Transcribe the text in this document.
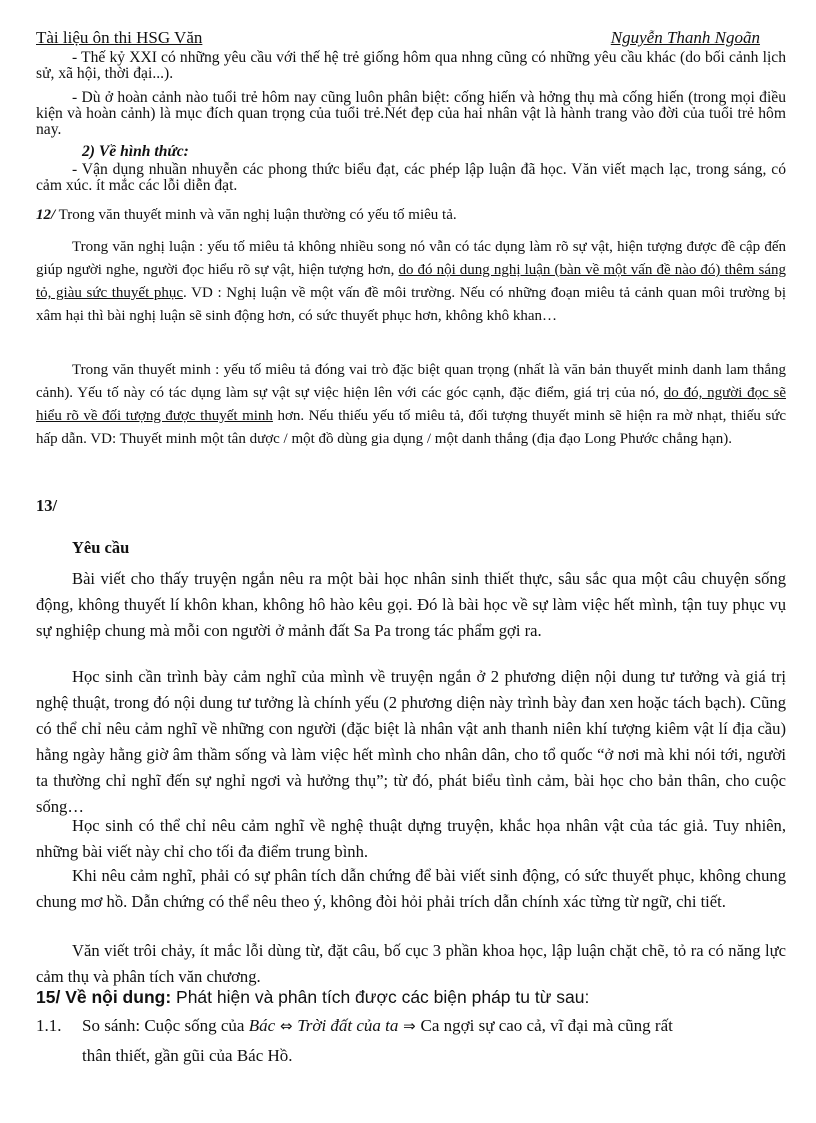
Tài liệu ôn thi HSG Văn	Nguyễn Thanh Ngoãn

- Thế kỷ XXI có những yêu cầu với thế hệ trẻ giống hôm qua nhng cũng có những yêu cầu khác (do bối cảnh lịch sử, xã hội, thời đại...).

- Dù ở hoàn cảnh nào tuổi trẻ hôm nay cũng luôn phân biệt: cống hiến và hởng thụ mà cống hiến (trong mọi điều kiện và hoàn cảnh) là mục đích quan trọng của tuổi trẻ.Nét đẹp của hai nhân vật là hành trang vào đời của tuổi trẻ hôm nay.

2) Về hình thức:

- Vận dụng nhuần nhuyễn các phong thức biểu đạt, các phép lập luận đã học. Văn viết mạch lạc, trong sáng, có cảm xúc. ít mắc các lỗi diễn đạt.

12/ Trong văn thuyết minh và văn nghị luận thường có yếu tố miêu tả.

Trong văn nghị luận : yếu tố miêu tả không nhiều song nó vẫn có tác dụng làm rõ sự vật, hiện tượng được đề cập đến giúp người nghe, người đọc hiểu rõ sự vật, hiện tượng hơn, do đó nội dung nghị luận (bàn về một vấn đề nào đó) thêm sáng tỏ, giàu sức thuyết phục. VD : Nghị luận về một vấn đề môi trường. Nếu có những đoạn miêu tả cảnh quan môi trường bị xâm hại thì bài nghị luận sẽ sinh động hơn, có sức thuyết phục hơn, không khô khan…

Trong văn thuyết minh : yếu tố miêu tả đóng vai trò đặc biệt quan trọng (nhất là văn bản thuyết minh danh lam thắng cảnh). Yếu tố này có tác dụng làm sự vật sự việc hiện lên với các góc cạnh, đặc điểm, giá trị của nó, do đó, người đọc sẽ hiểu rõ về đối tượng được thuyết minh hơn. Nếu thiếu yếu tố miêu tả, đối tượng thuyết minh sẽ hiện ra mờ nhạt, thiếu sức hấp dẫn. VD: Thuyết minh một tân dược / một đồ dùng gia dụng / một danh thắng (địa đạo Long Phước chẳng hạn).

13/

Yêu cầu

Bài viết cho thấy truyện ngắn nêu ra một bài học nhân sinh thiết thực, sâu sắc qua một câu chuyện sống động, không thuyết lí khôn khan, không hô hào kêu gọi. Đó là bài học về sự làm việc hết mình, tận tuy phục vụ sự nghiệp chung mà mỗi con người ở mảnh đất Sa Pa trong tác phẩm gợi ra.

Học sinh cần trình bày cảm nghĩ của mình về truyện ngắn ở 2 phương diện nội dung tư tưởng và giá trị nghệ thuật, trong đó nội dung tư tưởng là chính yếu (2 phương diện này trình bày đan xen hoặc tách bạch). Cũng có thể chỉ nêu cảm nghĩ về những con người (đặc biệt là nhân vật anh thanh niên khí tượng kiêm vật lí địa cầu) hằng ngày hằng giờ âm thầm sống và làm việc hết mình cho nhân dân, cho tổ quốc “ở nơi mà khi nói tới, người ta thường chỉ nghĩ đến sự nghỉ ngơi và hưởng thụ”; từ đó, phát biểu tình cảm, bài học cho bản thân, cho cuộc sống…

Học sinh có thể chỉ nêu cảm nghĩ về nghệ thuật dựng truyện, khắc họa nhân vật của tác giả. Tuy nhiên, những bài viết này chỉ cho tối đa điểm trung bình.

Khi nêu cảm nghĩ, phải có sự phân tích dẫn chứng để bài viết sinh động, có sức thuyết phục, không chung chung mơ hồ. Dẫn chứng có thể nêu theo ý, không đòi hỏi phải trích dẫn chính xác từng từ ngữ, chi tiết.

Văn viết trôi chảy, ít mắc lỗi dùng từ, đặt câu, bố cục 3 phần khoa học, lập luận chặt chẽ, tỏ ra có năng lực cảm thụ và phân tích văn chương.

15/ Về nội dung: Phát hiện và phân tích được các biện pháp tu từ sau:
1.1. So sánh: Cuộc sống của Bác ⇔ Trời đất của ta ⇒ Ca ngợi sự cao cả, vĩ đại mà cũng rất
thân thiết, gần gũi của Bác Hồ.
